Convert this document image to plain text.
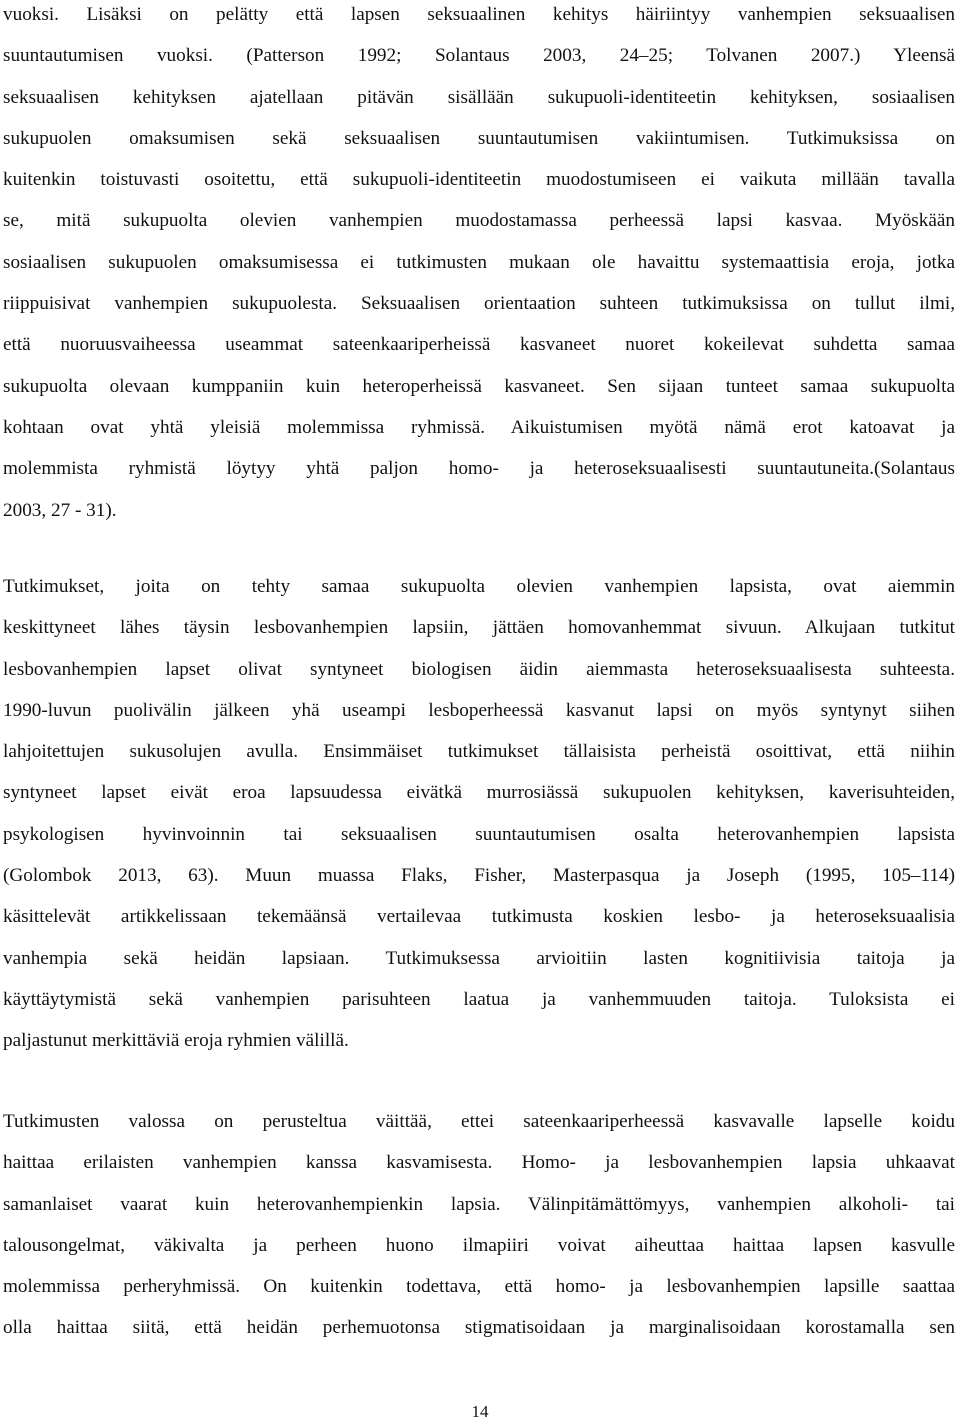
vuoksi. Lisäksi on pelätty että lapsen seksuaalinen kehitys häiriintyy vanhempien seksuaalisen
suuntautumisen vuoksi. (Patterson 1992; Solantaus 2003, 24–25; Tolvanen 2007.) Yleensä
seksuaalisen kehityksen ajatellaan pitävän sisällään sukupuoli-identiteetin kehityksen, sosiaalisen
sukupuolen omaksumisen sekä seksuaalisen suuntautumisen vakiintumisen. Tutkimuksissa on
kuitenkin toistuvasti osoitettu, että sukupuoli-identiteetin muodostumiseen ei vaikuta millään tavalla
se, mitä sukupuolta olevien vanhempien muodostamassa perheessä lapsi kasvaa. Myöskään
sosiaalisen sukupuolen omaksumisessa ei tutkimusten mukaan ole havaittu systemaattisia eroja, jotka
riippuisivat vanhempien sukupuolesta. Seksuaalisen orientaation suhteen tutkimuksissa on tullut ilmi,
että nuoruusvaiheessa useammat sateenkaariperheissä kasvaneet nuoret kokeilevat suhdetta samaa
sukupuolta olevaan kumppaniin kuin heteroperheissä kasvaneet. Sen sijaan tunteet samaa sukupuolta
kohtaan ovat yhtä yleisiä molemmissa ryhmissä. Aikuistumisen myötä nämä erot katoavat ja
molemmista ryhmistä löytyy yhtä paljon homo- ja heteroseksuaalisesti suuntautuneita.(Solantaus
2003, 27 - 31).

Tutkimukset, joita on tehty samaa sukupuolta olevien vanhempien lapsista, ovat aiemmin
keskittyneet lähes täysin lesbovanhempien lapsiin, jättäen homovanhemmat sivuun. Alkujaan tutkitut
lesbovanhempien lapset olivat syntyneet biologisen äidin aiemmasta heteroseksuaalisesta suhteesta.
1990-luvun puolivälin jälkeen yhä useampi lesboperheessä kasvanut lapsi on myös syntynyt siihen
lahjoitettujen sukusolujen avulla. Ensimmäiset tutkimukset tällaisista perheistä osoittivat, että niihin
syntyneet lapset eivät eroa lapsuudessa eivätkä murrosiässä sukupuolen kehityksen, kaverisuhteiden,
psykologisen hyvinvoinnin tai seksuaalisen suuntautumisen osalta heterovanhempien lapsista
(Golombok 2013, 63). Muun muassa Flaks, Fisher, Masterpasqua ja Joseph (1995, 105–114)
käsittelevät artikkelissaan tekemäänsä vertailevaa tutkimusta koskien lesbo- ja heteroseksuaalisia
vanhempia sekä heidän lapsiaan. Tutkimuksessa arvioitiin lasten kognitiivisia taitoja ja
käyttäytymistä sekä vanhempien parisuhteen laatua ja vanhemmuuden taitoja. Tuloksista ei
paljastunut merkittäviä eroja ryhmien välillä.

Tutkimusten valossa on perusteltua väittää, ettei sateenkaariperheessä kasvavalle lapselle koidu
haittaa erilaisten vanhempien kanssa kasvamisesta. Homo- ja lesbovanhempien lapsia uhkaavat
samanlaiset vaarat kuin heterovanhempienkin lapsia. Välinpitämättömyys, vanhempien alkoholi- tai
talousongelmat, väkivalta ja perheen huono ilmapiiri voivat aiheuttaa haittaa lapsen kasvulle
molemmissa perheryhmissä. On kuitenkin todettava, että homo- ja lesbovanhempien lapsille saattaa
olla haittaa siitä, että heidän perhemuotonsa stigmatisoidaan ja marginalisoidaan korostamalla sen

14
